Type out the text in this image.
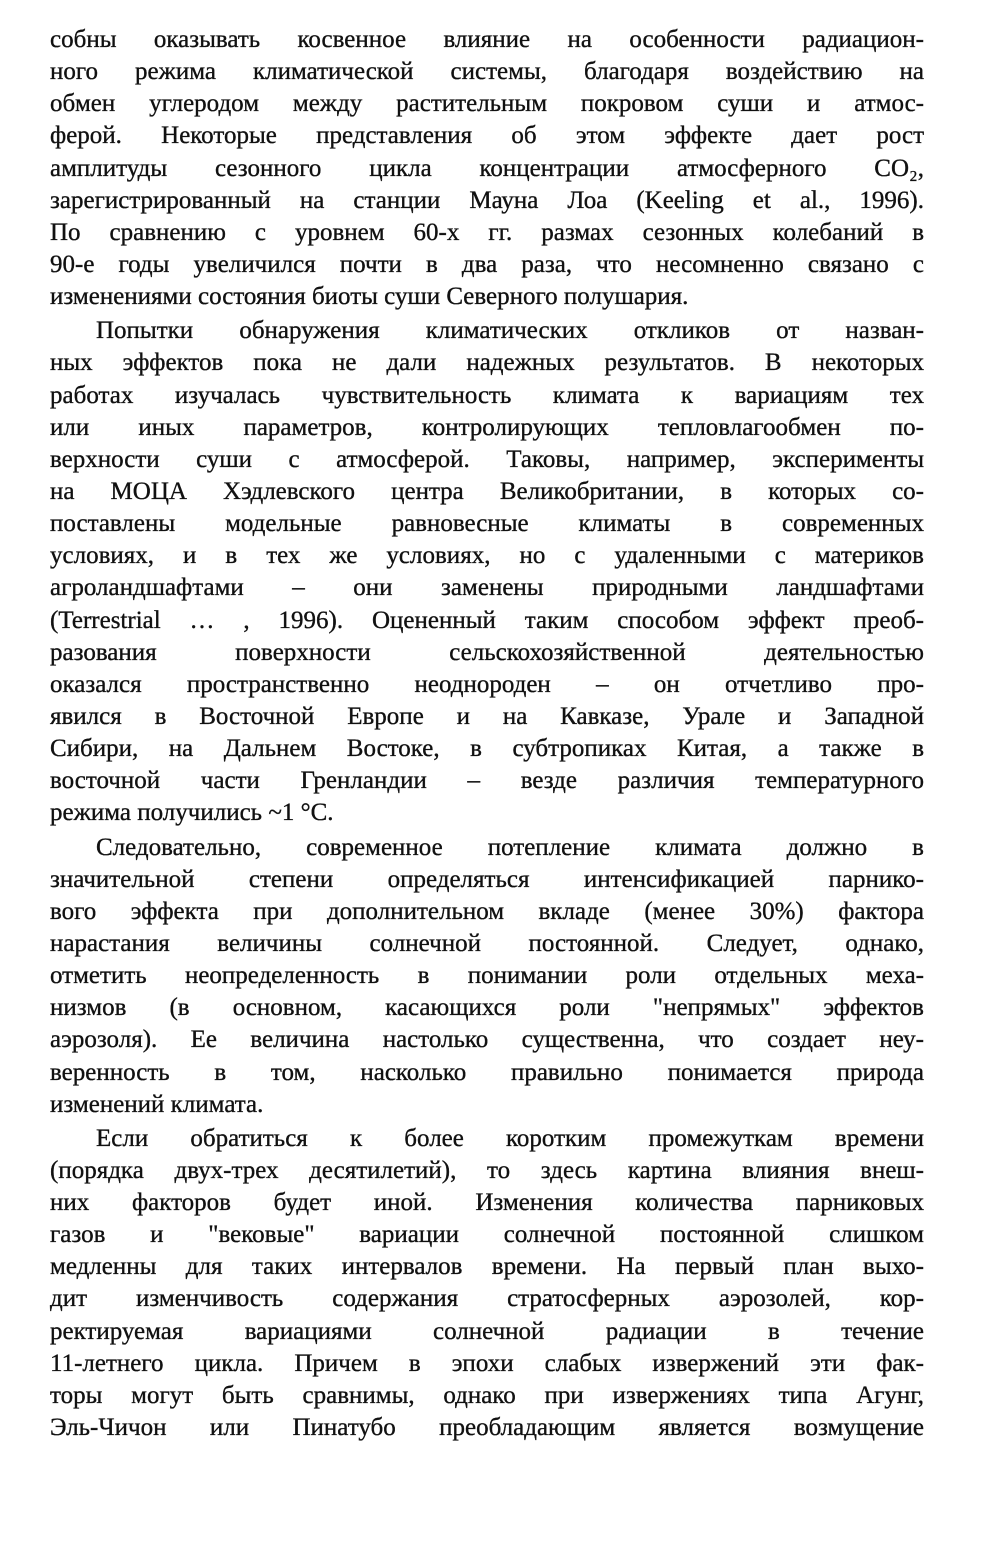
собны оказывать косвенное влияние на особенности радиацион-
ного режима климатической системы, благодаря воздействию на
обмен углеродом между растительным покровом суши и атмос-
ферой. Некоторые представления об этом эффекте дает рост
амплитуды сезонного цикла концентрации атмосферного CO₂,
зарегистрированный на станции Мауна Лоа (Keeling et al., 1996).
По сравнению с уровнем 60-х гг. размах сезонных колебаний в
90-е годы увеличился почти в два раза, что несомненно связано с
изменениями состояния биоты суши Северного полушария.
Попытки обнаружения климатических откликов от назван-
ных эффектов пока не дали надежных результатов. В некоторых
работах изучалась чувствительность климата к вариациям тех
или иных параметров, контролирующих тепловлагообмен по-
верхности суши с атмосферой. Таковы, например, эксперименты
на МОЦА Хэдлевского центра Великобритании, в которых со-
поставлены модельные равновесные климаты в современных
условиях, и в тех же условиях, но с удаленными с материков
агроландшафтами – они заменены природными ландшафтами
(Terrestrial … , 1996). Оцененный таким способом эффект преоб-
разования поверхности сельскохозяйственной деятельностью
оказался пространственно неоднороден – он отчетливо про-
явился в Восточной Европе и на Кавказе, Урале и Западной
Сибири, на Дальнем Востоке, в субтропиках Китая, а также в
восточной части Гренландии – везде различия температурного
режима получились ~1 °С.
Следовательно, современное потепление климата должно в
значительной степени определяться интенсификацией парнико-
вого эффекта при дополнительном вкладе (менее 30%) фактора
нарастания величины солнечной постоянной. Следует, однако,
отметить неопределенность в понимании роли отдельных меха-
низмов (в основном, касающихся роли "непрямых" эффектов
аэрозоля). Ее величина настолько существенна, что создает неу-
веренность в том, насколько правильно понимается природа
изменений климата.
Если обратиться к более коротким промежуткам времени
(порядка двух-трех десятилетий), то здесь картина влияния внеш-
них факторов будет иной. Изменения количества парниковых
газов и "вековые" вариации солнечной постоянной слишком
медленны для таких интервалов времени. На первый план выхо-
дит изменчивость содержания стратосферных аэрозолей, кор-
ректируемая вариациями солнечной радиации в течение
11-летнего цикла. Причем в эпохи слабых извержений эти фак-
торы могут быть сравнимы, однако при извержениях типа Агунг,
Эль-Чичон или Пинатубо преобладающим является возмущение
